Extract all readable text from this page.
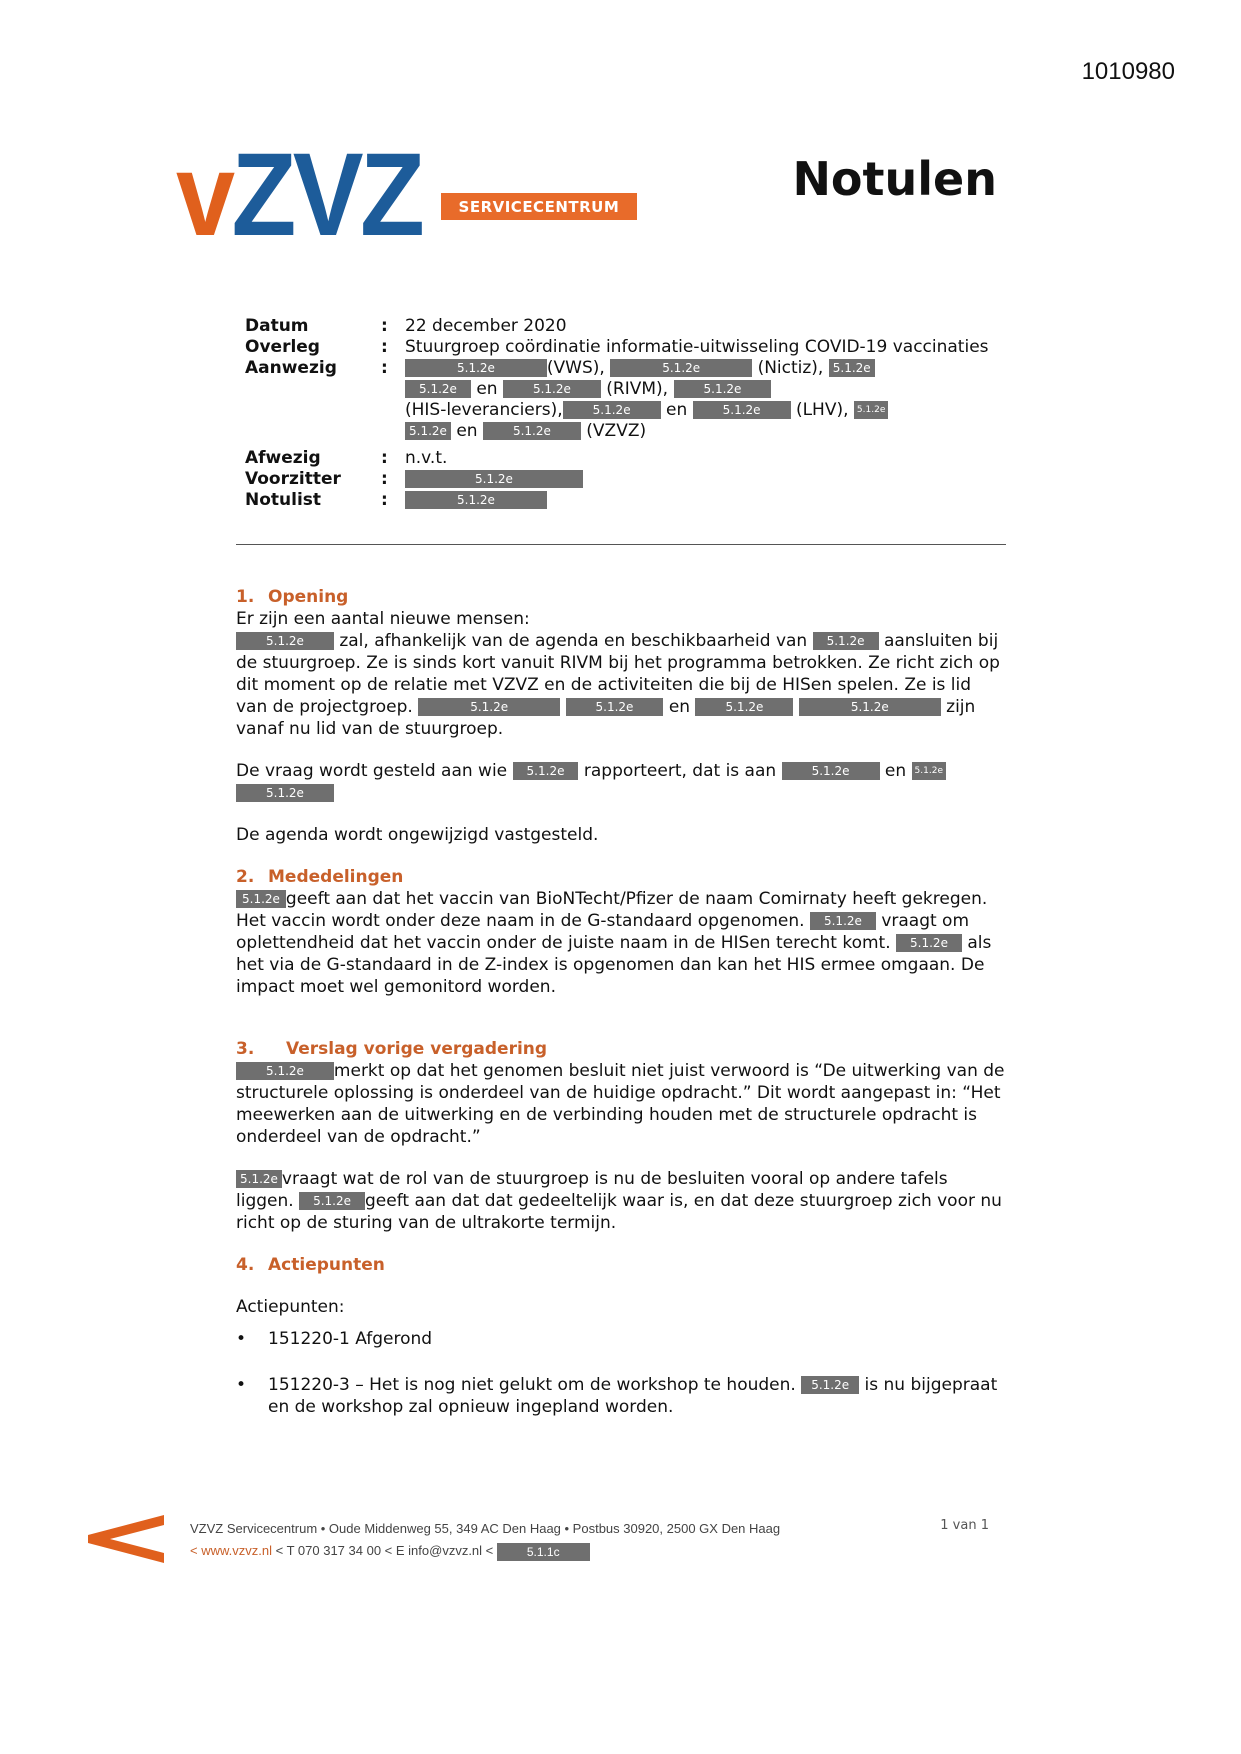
1010980
vZVZ	SERVICECENTRUM
Notulen
Datum	:	22 december 2020
Overleg	:	Stuurgroep coördinatie informatie-uitwisseling COVID-19 vaccinaties
Aanwezig	:	5.1.2e	(VWS),	5.1.2e	(Nictiz), 5.1.2e
5.1.2e en	5.1.2e (RIVM),	5.1.2e
(HIS-leveranciers),	5.1.2e en	5.1.2e (LHV), 5.1.2e
5.1.2e en	5.1.2e (VZVZ)
Afwezig	:	n.v.t.
Voorzitter	:	5.1.2e
Notulist	:	5.1.2e
1. Opening

Er zijn een aantal nieuwe mensen:
5.1.2e zal, afhankelijk van de agenda en beschikbaarheid van 5.1.2e aansluiten bij de stuurgroep. Ze is sinds kort vanuit RIVM bij het programma betrokken. Ze richt zich op dit moment op de relatie met VZVZ en de activiteiten die bij de HISen spelen. Ze is lid van de projectgroep.	5.1.2e	5.1.2e en	5.1.2e	5.1.2e	zijn vanaf nu lid van de stuurgroep.

De vraag wordt gesteld aan wie 5.1.2e rapporteert, dat is aan	5.1.2e en 5.1.2e
5.1.2e

De agenda wordt ongewijzigd vastgesteld.

2. Mededelingen

5.1.2e geeft aan dat het vaccin van BioNTecht/Pfizer de naam Comirnaty heeft gekregen. Het vaccin wordt onder deze naam in de G-standaard opgenomen. 5.1.2e vraagt om oplettendheid dat het vaccin onder de juiste naam in de HISen terecht komt. 5.1.2e als het via de G-standaard in de Z-index is opgenomen dan kan het HIS ermee omgaan. De impact moet wel gemonitord worden.

3. Verslag vorige vergadering

5.1.2e merkt op dat het genomen besluit niet juist verwoord is “De uitwerking van de structurele oplossing is onderdeel van de huidige opdracht.” Dit wordt aangepast in: “Het meewerken aan de uitwerking en de verbinding houden met de structurele opdracht is onderdeel van de opdracht.”

5.1.2e vraagt wat de rol van de stuurgroep is nu de besluiten vooral op andere tafels liggen. 5.1.2e geeft aan dat dat gedeeltelijk waar is, en dat deze stuurgroep zich voor nu richt op de sturing van de ultrakorte termijn.

4. Actiepunten

Actiepunten:

• 151220-1 Afgerond
• 151220-3 – Het is nog niet gelukt om de workshop te houden. 5.1.2e is nu bijgepraat en de workshop zal opnieuw ingepland worden.
VZVZ Servicecentrum • Oude Middenweg 55, 349 AC Den Haag • Postbus 30920, 2500 GX Den Haag
< www.vzvz.nl < T 070 317 34 00 < E info@vzvz.nl <	5.1.1c
1 van 1
